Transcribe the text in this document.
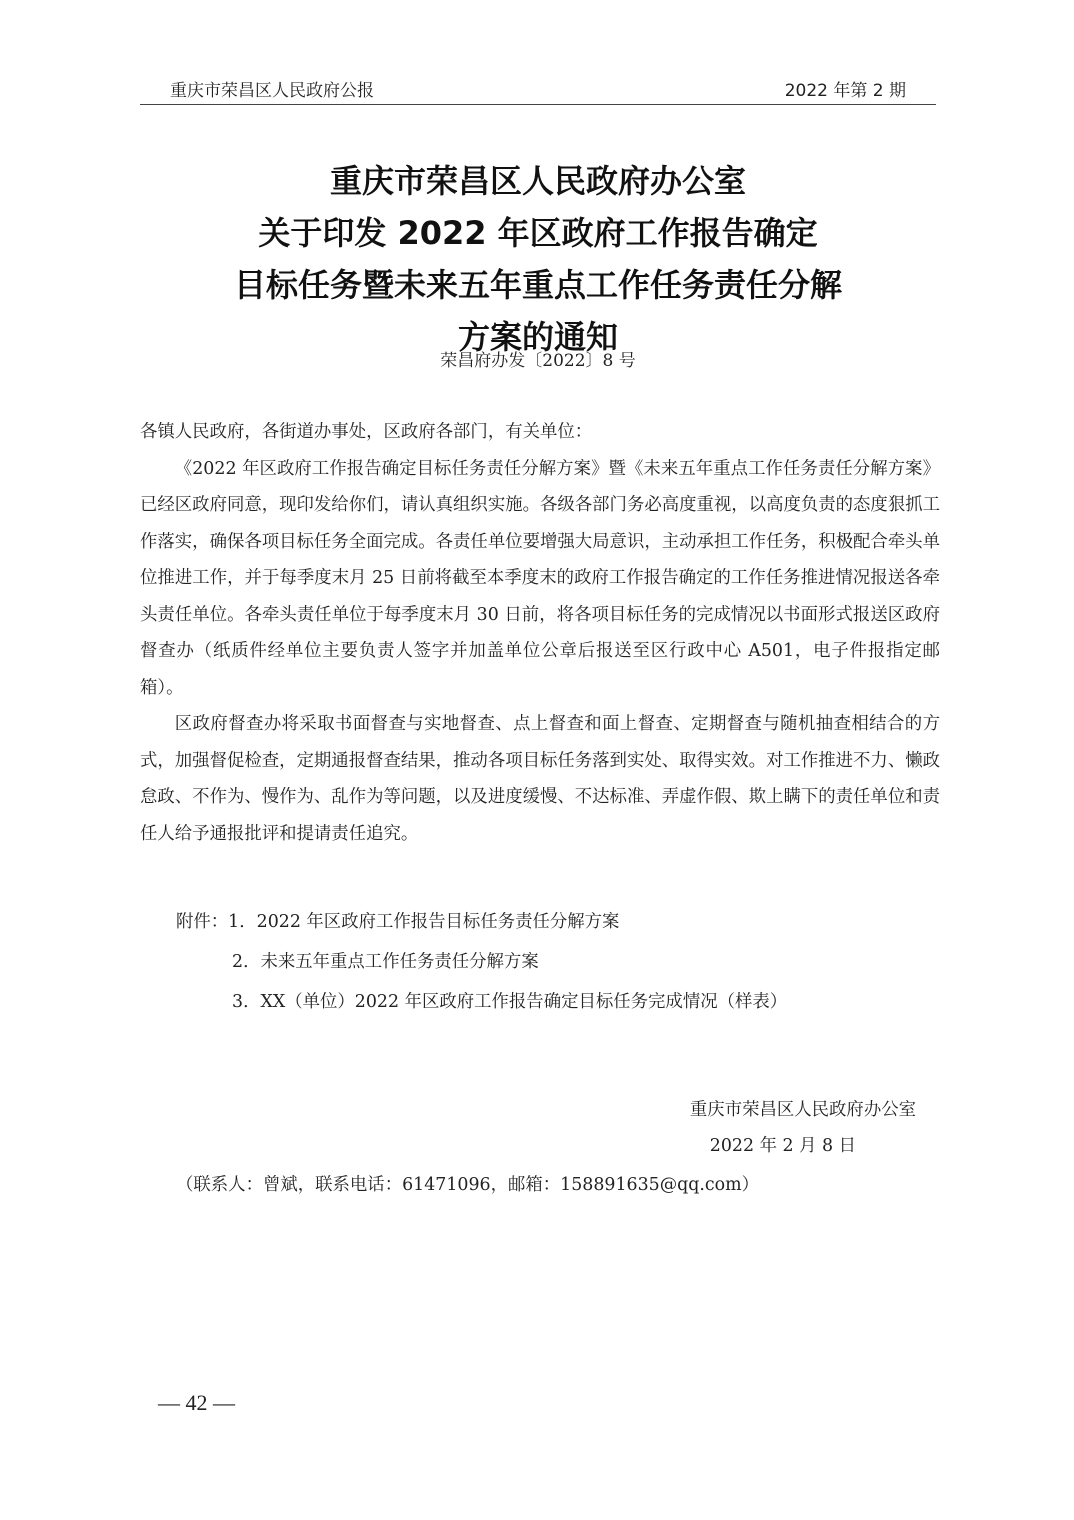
重庆市荣昌区人民政府公报	2022 年第 2 期
重庆市荣昌区人民政府办公室
关于印发 2022 年区政府工作报告确定
目标任务暨未来五年重点工作任务责任分解
方案的通知
荣昌府办发〔2022〕8 号

各镇人民政府，各街道办事处，区政府各部门，有关单位：

《2022 年区政府工作报告确定目标任务责任分解方案》暨《未来五年重点工作任务责任分解方案》已经区政府同意，现印发给你们，请认真组织实施。各级各部门务必高度重视，以高度负责的态度狠抓工作落实，确保各项目标任务全面完成。各责任单位要增强大局意识，主动承担工作任务，积极配合牵头单位推进工作，并于每季度末月 25 日前将截至本季度末的政府工作报告确定的工作任务推进情况报送各牵头责任单位。各牵头责任单位于每季度末月 30 日前，将各项目标任务的完成情况以书面形式报送区政府督查办（纸质件经单位主要负责人签字并加盖单位公章后报送至区行政中心 A501，电子件报指定邮箱）。

区政府督查办将采取书面督查与实地督查、点上督查和面上督查、定期督查与随机抽查相结合的方式，加强督促检查，定期通报督查结果，推动各项目标任务落到实处、取得实效。对工作推进不力、懒政怠政、不作为、慢作为、乱作为等问题，以及进度缓慢、不达标准、弄虚作假、欺上瞒下的责任单位和责任人给予通报批评和提请责任追究。

附件：1．2022 年区政府工作报告目标任务责任分解方案
2．未来五年重点工作任务责任分解方案
3．XX（单位）2022 年区政府工作报告确定目标任务完成情况（样表）
重庆市荣昌区人民政府办公室
2022 年 2 月 8 日
（联系人：曾斌，联系电话：61471096，邮箱：158891635@qq.com）
— 42 —
